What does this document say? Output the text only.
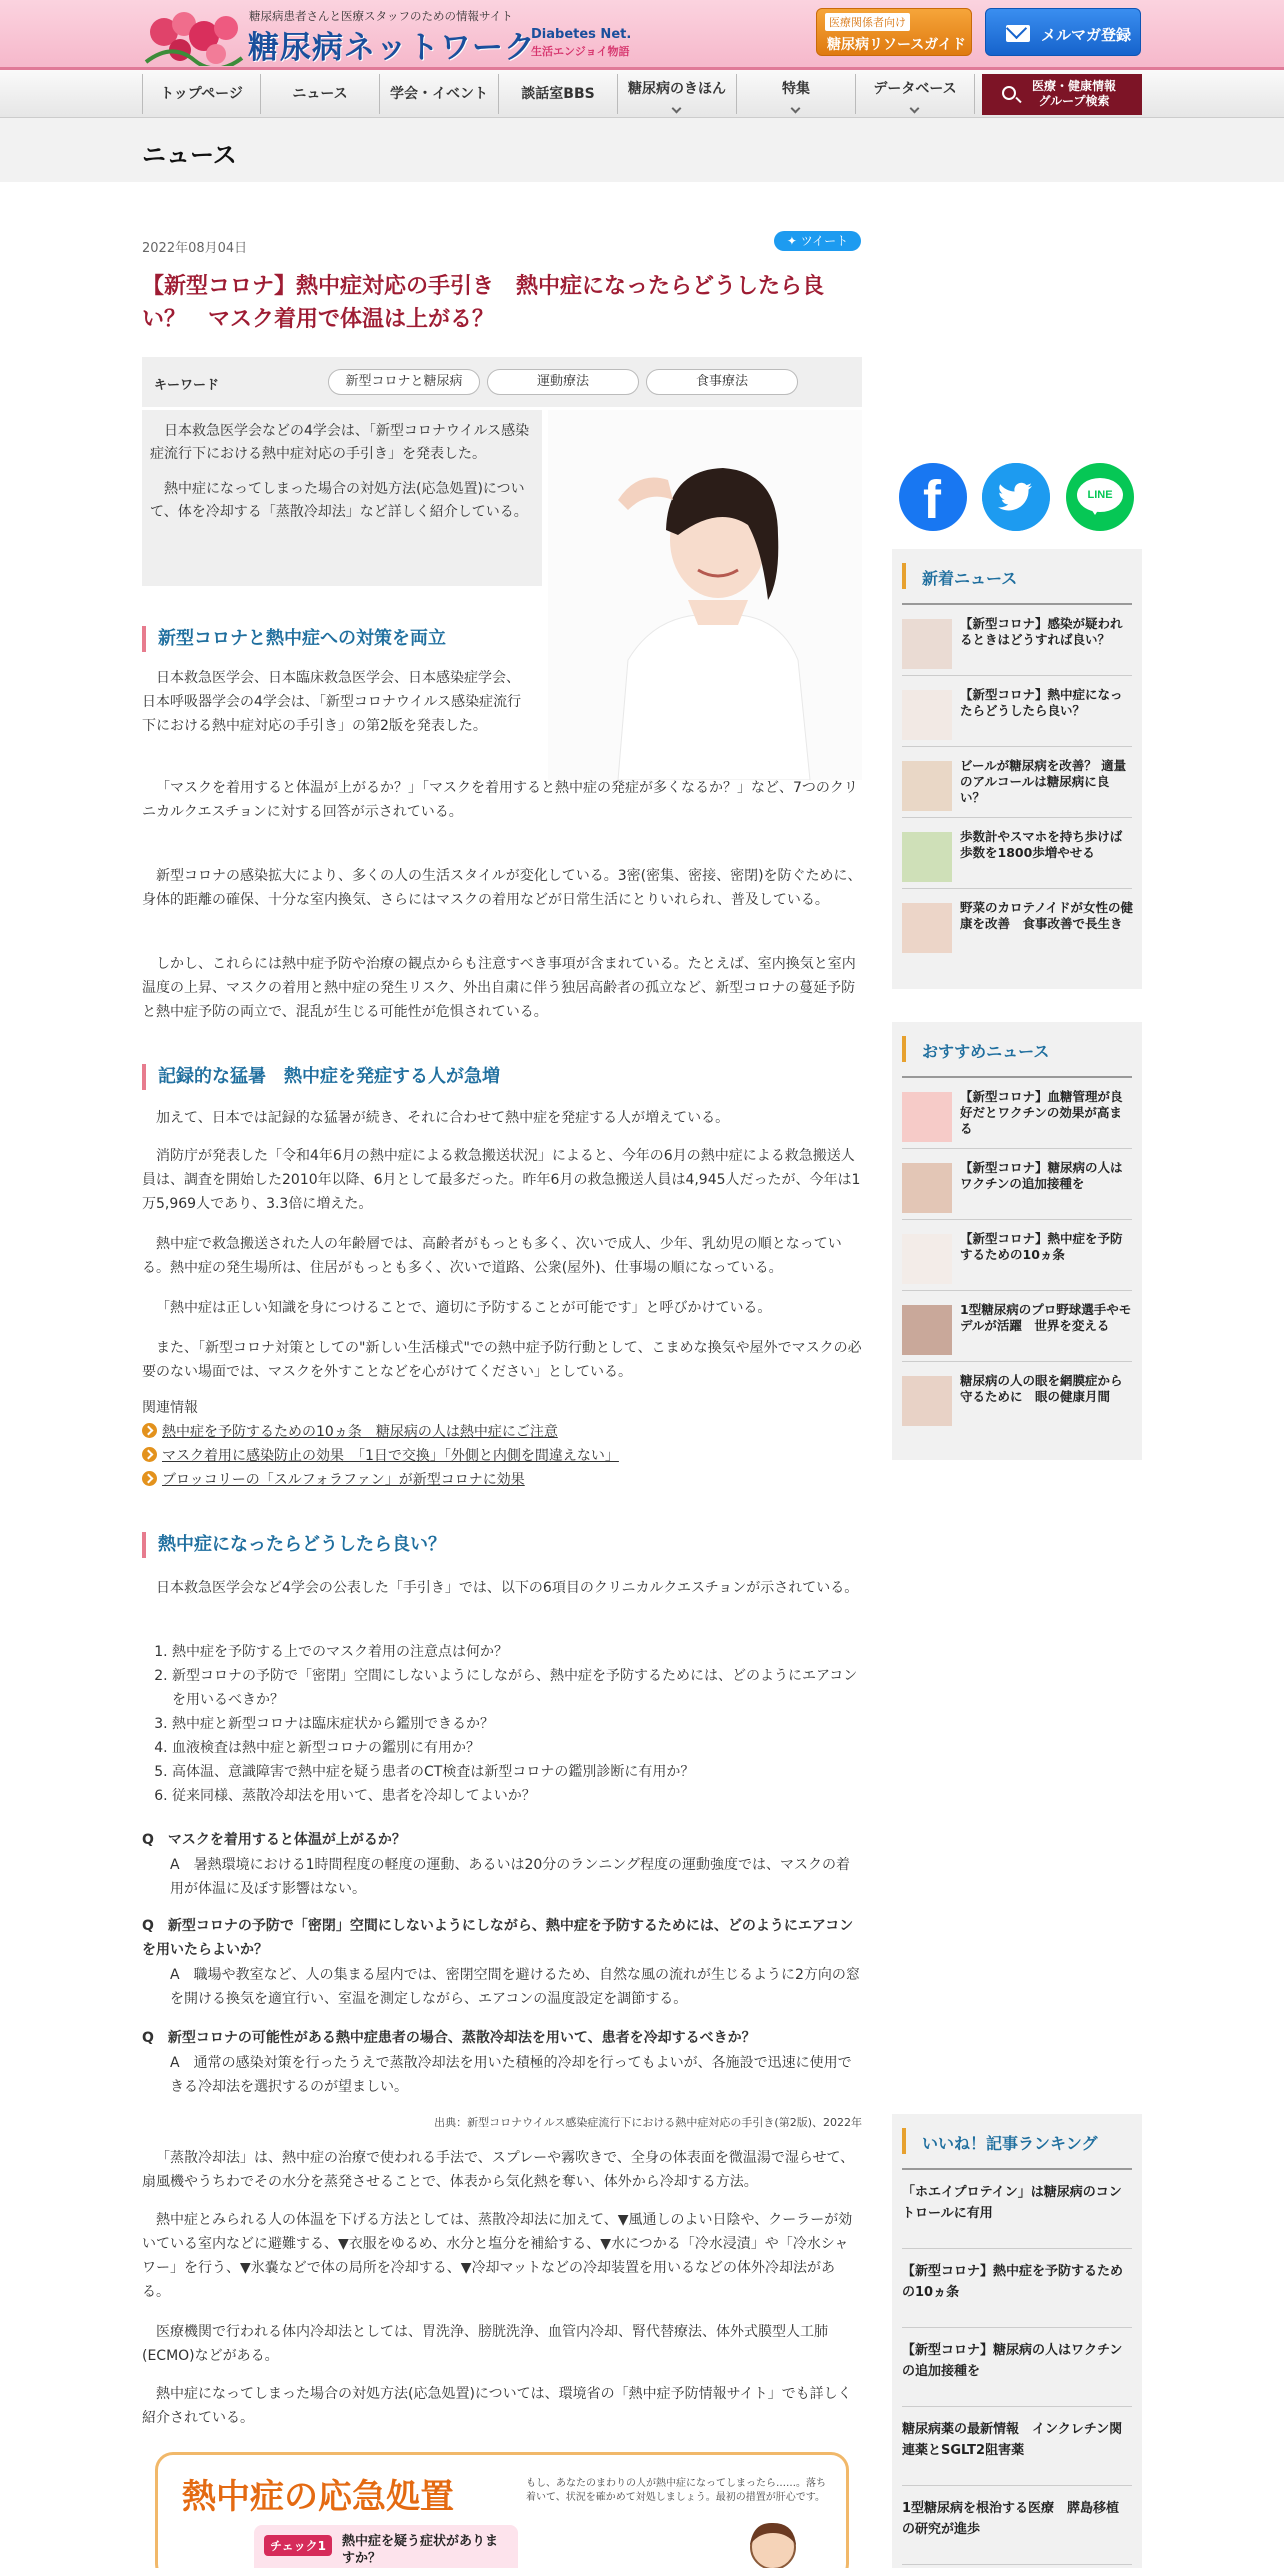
糖尿病患者さんと医療スタッフのための情報サイト
糖尿病ネットワーク
Diabetes Net.
生活エンジョイ物語
医療関係者向け
糖尿病リソースガイド
メルマガ登録
トップページ	ニュース	学会・イベント	談話室BBS	糖尿病のきほん	特集	データベース	医療・健康情報
グループ検索
ニュース
2022年08月04日	✦ ツイート
【新型コロナ】熱中症対応の手引き　熱中症になったらどうしたら良い？　マスク着用で体温は上がる？
キーワード	新型コロナと糖尿病	運動療法	食事療法

日本救急医学会などの4学会は、「新型コロナウイルス感染症流行下における熱中症対応の手引き」を発表した。

熱中症になってしまった場合の対処方法(応急処置)について、体を冷却する「蒸散冷却法」など詳しく紹介している。

新型コロナと熱中症への対策を両立
日本救急医学会、日本臨床救急医学会、日本感染症学会、日本呼吸器学会の4学会は、「新型コロナウイルス感染症流行下における熱中症対応の手引き」の第2版を発表した。
「マスクを着用すると体温が上がるか？」「マスクを着用すると熱中症の発症が多くなるか？」など、7つのクリニカルクエスチョンに対する回答が示されている。
新型コロナの感染拡大により、多くの人の生活スタイルが変化している。3密(密集、密接、密閉)を防ぐために、身体的距離の確保、十分な室内換気、さらにはマスクの着用などが日常生活にとりいれられ、普及している。
しかし、これらには熱中症予防や治療の観点からも注意すべき事項が含まれている。たとえば、室内換気と室内温度の上昇、マスクの着用と熱中症の発生リスク、外出自粛に伴う独居高齢者の孤立など、新型コロナの蔓延予防と熱中症予防の両立で、混乱が生じる可能性が危惧されている。
記録的な猛暑　熱中症を発症する人が急増
加えて、日本では記録的な猛暑が続き、それに合わせて熱中症を発症する人が増えている。
消防庁が発表した「令和4年6月の熱中症による救急搬送状況」によると、今年の6月の熱中症による救急搬送人員は、調査を開始した2010年以降、6月として最多だった。昨年6月の救急搬送人員は4,945人だったが、今年は1万5,969人であり、3.3倍に増えた。
熱中症で救急搬送された人の年齢層では、高齢者がもっとも多く、次いで成人、少年、乳幼児の順となっている。熱中症の発生場所は、住居がもっとも多く、次いで道路、公衆(屋外)、仕事場の順になっている。
「熱中症は正しい知識を身につけることで、適切に予防することが可能です」と呼びかけている。
また、「新型コロナ対策としての"新しい生活様式"での熱中症予防行動として、こまめな換気や屋外でマスクの必要のない場面では、マスクを外すことなどを心がけてください」としている。
関連情報
熱中症を予防するための10ヵ条　糖尿病の人は熱中症にご注意
マスク着用に感染防止の効果　「1日で交換」「外側と内側を間違えない」
ブロッコリーの「スルフォラファン」が新型コロナに効果
熱中症になったらどうしたら良い？
日本救急医学会など4学会の公表した「手引き」では、以下の6項目のクリニカルクエスチョンが示されている。
1. 熱中症を予防する上でのマスク着用の注意点は何か？
2. 新型コロナの予防で「密閉」空間にしないようにしながら、熱中症を予防するためには、どのようにエアコンを用いるべきか？
3. 熱中症と新型コロナは臨床症状から鑑別できるか？
4. 血液検査は熱中症と新型コロナの鑑別に有用か？
5. 高体温、意識障害で熱中症を疑う患者のCT検査は新型コロナの鑑別診断に有用か？
6. 従来同様、蒸散冷却法を用いて、患者を冷却してよいか？
Q　マスクを着用すると体温が上がるか？
A　暑熱環境における1時間程度の軽度の運動、あるいは20分のランニング程度の運動強度では、マスクの着用が体温に及ぼす影響はない。
Q　新型コロナの予防で「密閉」空間にしないようにしながら、熱中症を予防するためには、どのようにエアコンを用いたらよいか？
A　職場や教室など、人の集まる屋内では、密閉空間を避けるため、自然な風の流れが生じるように2方向の窓を開ける換気を適宜行い、室温を測定しながら、エアコンの温度設定を調節する。
Q　新型コロナの可能性がある熱中症患者の場合、蒸散冷却法を用いて、患者を冷却するべきか？
A　通常の感染対策を行ったうえで蒸散冷却法を用いた積極的冷却を行ってもよいが、各施設で迅速に使用できる冷却法を選択するのが望ましい。
出典：新型コロナウイルス感染症流行下における熱中症対応の手引き(第2版)、2022年
「蒸散冷却法」は、熱中症の治療で使われる手法で、スプレーや霧吹きで、全身の体表面を微温湯で湿らせて、扇風機やうちわでその水分を蒸発させることで、体表から気化熱を奪い、体外から冷却する方法。
熱中症とみられる人の体温を下げる方法としては、蒸散冷却法に加えて、▼風通しのよい日陰や、クーラーが効いている室内などに避難する、▼衣服をゆるめ、水分と塩分を補給する、▼水につかる「冷水浸漬」や「冷水シャワー」を行う、▼氷嚢などで体の局所を冷却する、▼冷却マットなどの冷却装置を用いるなどの体外冷却法がある。
医療機関で行われる体内冷却法としては、胃洗浄、膀胱洗浄、血管内冷却、腎代替療法、体外式膜型人工肺(ECMO)などがある。
熱中症になってしまった場合の対処方法(応急処置)については、環境省の「熱中症予防情報サイト」でも詳しく紹介されている。
熱中症の応急処置	もし、あなたのまわりの人が熱中症になってしまったら……。落ち着いて、状況を確かめて対処しましょう。最初の措置が肝心です。
チェック1	熱中症を疑う症状がありますか？
f	LINE
新着ニュース
【新型コロナ】感染が疑われるときはどうすれば良い？
【新型コロナ】熱中症になったらどうしたら良い？
ビールが糖尿病を改善？ 適量のアルコールは糖尿病に良い？
歩数計やスマホを持ち歩けば歩数を1800歩増やせる
野菜のカロテノイドが女性の健康を改善　食事改善で長生き
おすすめニュース
【新型コロナ】血糖管理が良好だとワクチンの効果が高まる
【新型コロナ】糖尿病の人はワクチンの追加接種を
【新型コロナ】熱中症を予防するための10ヵ条
1型糖尿病のプロ野球選手やモデルが活躍　世界を変える
糖尿病の人の眼を網膜症から守るために　眼の健康月間
いいね！記事ランキング
「ホエイプロテイン」は糖尿病のコントロールに有用
【新型コロナ】熱中症を予防するための10ヵ条
【新型コロナ】糖尿病の人はワクチンの追加接種を
糖尿病薬の最新情報　インクレチン関連薬とSGLT2阻害薬
1型糖尿病を根治する医療　膵島移植の研究が進歩
